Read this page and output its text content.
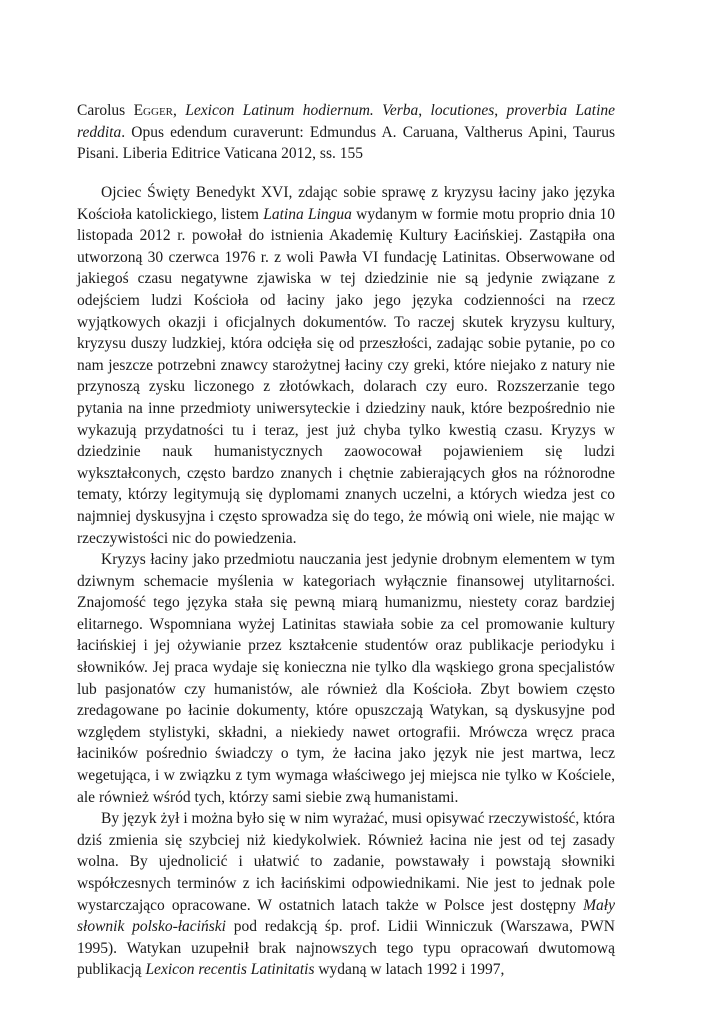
Carolus Egger, Lexicon Latinum hodiernum. Verba, locutiones, proverbia Latine reddita. Opus edendum curaverunt: Edmundus A. Caruana, Valtherus Apini, Taurus Pisani. Liberia Editrice Vaticana 2012, ss. 155

Ojciec Święty Benedykt XVI, zdając sobie sprawę z kryzysu łaciny jako języka Kościoła katolickiego, listem Latina Lingua wydanym w formie motu proprio dnia 10 listopada 2012 r. powołał do istnienia Akademię Kultury Łacińskiej. Zastąpiła ona utworzoną 30 czerwca 1976 r. z woli Pawła VI fundację Latinitas. Obserwowane od jakiegoś czasu negatywne zjawiska w tej dziedzinie nie są jedynie związane z odejściem ludzi Kościoła od łaciny jako jego języka codzienności na rzecz wyjątkowych okazji i oficjalnych dokumentów. To raczej skutek kryzysu kultury, kryzysu duszy ludzkiej, która odcięła się od przeszłości, zadając sobie pytanie, po co nam jeszcze potrzebni znawcy starożytnej łaciny czy greki, które niejako z natury nie przynoszą zysku liczonego z złotówkach, dolarach czy euro. Rozszerzanie tego pytania na inne przedmioty uniwersyteckie i dziedziny nauk, które bezpośrednio nie wykazują przydatności tu i teraz, jest już chyba tylko kwestią czasu. Kryzys w dziedzinie nauk humanistycznych zaowocował pojawieniem się ludzi wykształconych, często bardzo znanych i chętnie zabierających głos na różnorodne tematy, którzy legitymują się dyplomami znanych uczelni, a których wiedza jest co najmniej dyskusyjna i często sprowadza się do tego, że mówią oni wiele, nie mając w rzeczywistości nic do powiedzenia.

Kryzys łaciny jako przedmiotu nauczania jest jedynie drobnym elementem w tym dziwnym schemacie myślenia w kategoriach wyłącznie finansowej utylitarności. Znajomość tego języka stała się pewną miarą humanizmu, niestety coraz bardziej elitarnego. Wspomniana wyżej Latinitas stawiała sobie za cel promowanie kultury łacińskiej i jej ożywianie przez kształcenie studentów oraz publikacje periodyku i słowników. Jej praca wydaje się konieczna nie tylko dla wąskiego grona specjalistów lub pasjonatów czy humanistów, ale również dla Kościoła. Zbyt bowiem często zredagowane po łacinie dokumenty, które opuszczają Watykan, są dyskusyjne pod względem stylistyki, składni, a niekiedy nawet ortografii. Mrówcza wręcz praca łaciników pośrednio świadczy o tym, że łacina jako język nie jest martwa, lecz wegetująca, i w związku z tym wymaga właściwego jej miejsca nie tylko w Kościele, ale również wśród tych, którzy sami siebie zwą humanistami.

By język żył i można było się w nim wyrażać, musi opisywać rzeczywistość, która dziś zmienia się szybciej niż kiedykolwiek. Również łacina nie jest od tej zasady wolna. By ujednolicić i ułatwić to zadanie, powstawały i powstają słowniki współczesnych terminów z ich łacińskimi odpowiednikami. Nie jest to jednak pole wystarczająco opracowane. W ostatnich latach także w Polsce jest dostępny Mały słownik polsko-łaciński pod redakcją śp. prof. Lidii Winniczuk (Warszawa, PWN 1995). Watykan uzupełnił brak najnowszych tego typu opracowań dwutomową publikacją Lexicon recentis Latinitatis wydaną w latach 1992 i 1997,
